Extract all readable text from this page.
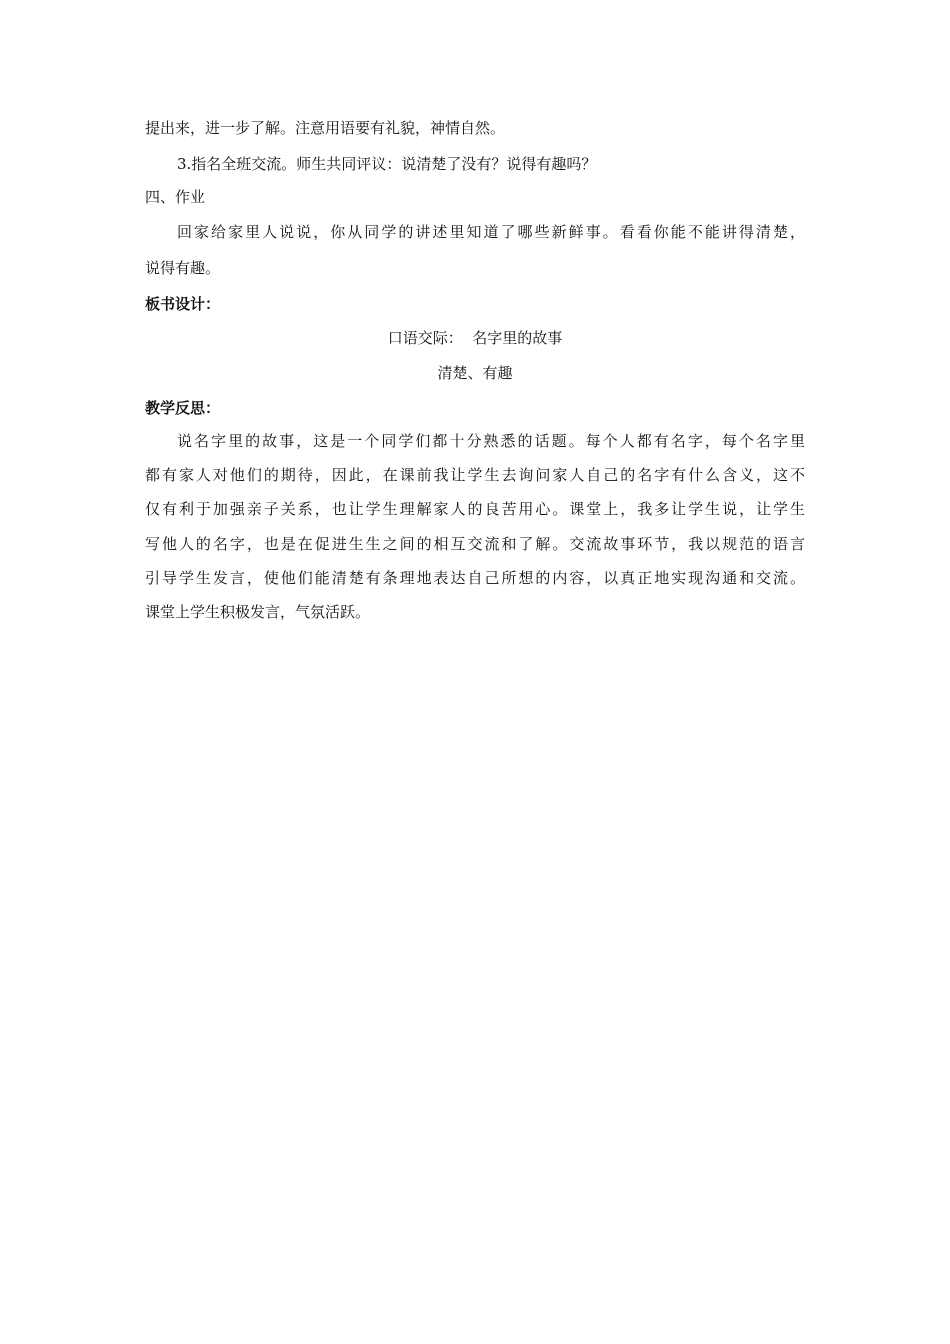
提出来，进一步了解。注意用语要有礼貌，神情自然。
3.指名全班交流。师生共同评议：说清楚了没有？说得有趣吗？
四、作业
回家给家里人说说，你从同学的讲述里知道了哪些新鲜事。看看你能不能讲得清楚，
说得有趣。
板书设计：
口语交际：  名字里的故事
清楚、有趣
教学反思：
说名字里的故事，这是一个同学们都十分熟悉的话题。每个人都有名字，每个名字里
都有家人对他们的期待，因此，在课前我让学生去询问家人自己的名字有什么含义，这不
仅有利于加强亲子关系，也让学生理解家人的良苦用心。课堂上，我多让学生说，让学生
写他人的名字，也是在促进生生之间的相互交流和了解。交流故事环节，我以规范的语言
引导学生发言，使他们能清楚有条理地表达自己所想的内容，以真正地实现沟通和交流。
课堂上学生积极发言，气氛活跃。
